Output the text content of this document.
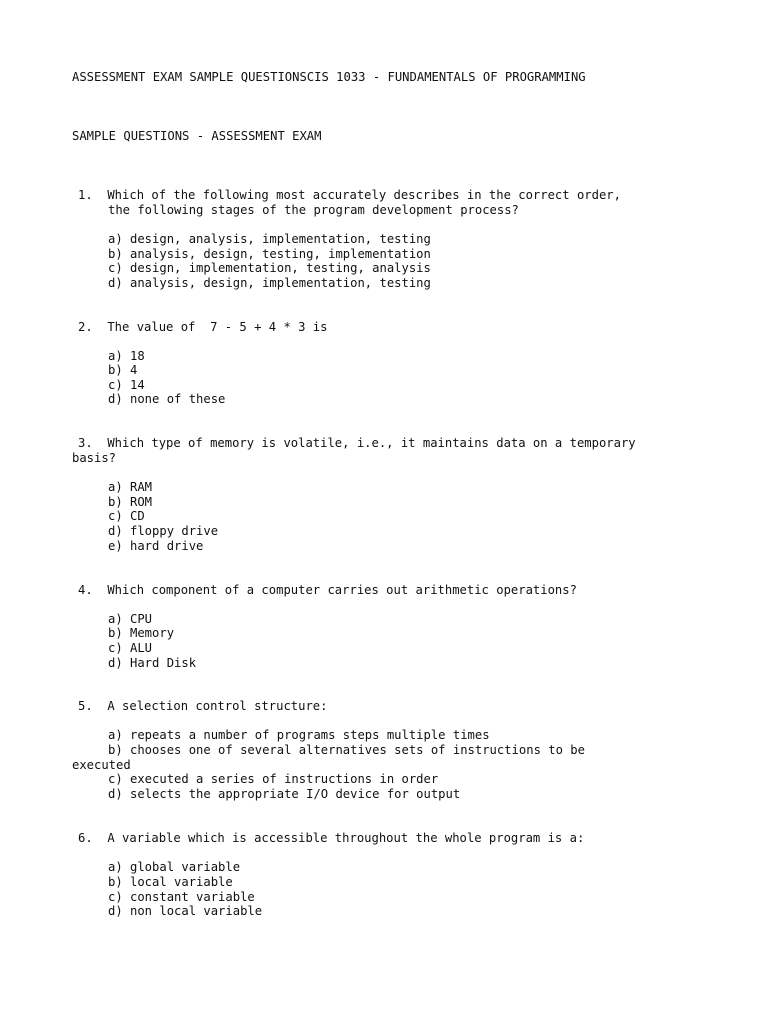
ASSESSMENT EXAM SAMPLE QUESTIONSCIS 1033 - FUNDAMENTALS OF PROGRAMMING
SAMPLE QUESTIONS - ASSESSMENT EXAM
1.  Which of the following most accurately describes in the correct order,
the following stages of the program development process?
a) design, analysis, implementation, testing
b) analysis, design, testing, implementation
c) design, implementation, testing, analysis
d) analysis, design, implementation, testing
2.  The value of  7 - 5 + 4 * 3 is
a) 18
b) 4
c) 14
d) none of these
3.  Which type of memory is volatile, i.e., it maintains data on a temporary
basis?
a) RAM
b) ROM
c) CD
d) floppy drive
e) hard drive
4.  Which component of a computer carries out arithmetic operations?
a) CPU
b) Memory
c) ALU
d) Hard Disk
5.  A selection control structure:
a) repeats a number of programs steps multiple times
b) chooses one of several alternatives sets of instructions to be
executed
c) executed a series of instructions in order
d) selects the appropriate I/O device for output
6.  A variable which is accessible throughout the whole program is a:
a) global variable
b) local variable
c) constant variable
d) non local variable
